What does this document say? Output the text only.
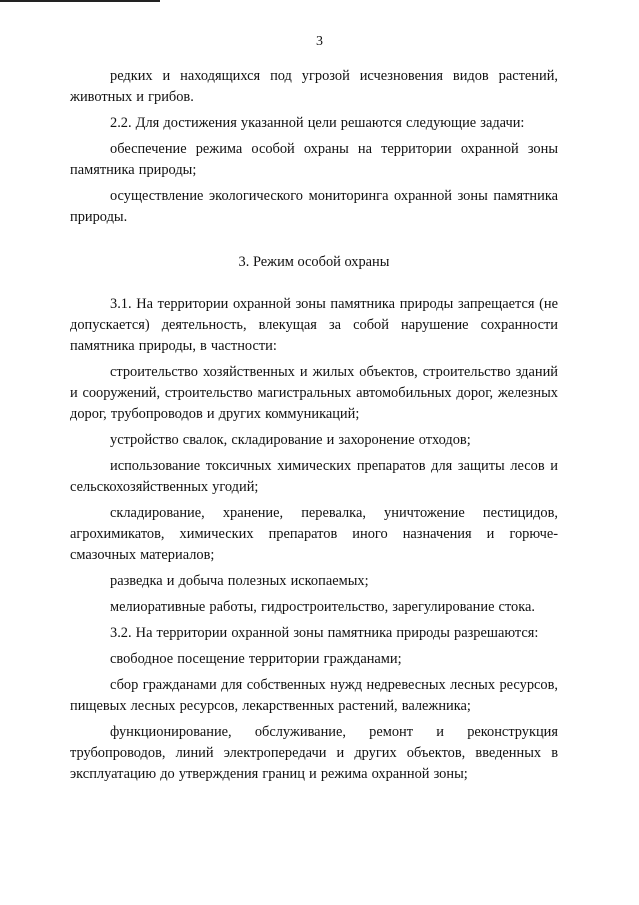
3

редких и находящихся под угрозой исчезновения видов растений, животных и грибов.

2.2. Для достижения указанной цели решаются следующие задачи:

обеспечение режима особой охраны на территории охранной зоны памятника природы;

осуществление экологического мониторинга охранной зоны памятника природы.

3. Режим особой охраны

3.1. На территории охранной зоны памятника природы запрещается (не допускается) деятельность, влекущая за собой нарушение сохранности памятника природы, в частности:

строительство хозяйственных и жилых объектов, строительство зданий и сооружений, строительство магистральных автомобильных дорог, железных дорог, трубопроводов и других коммуникаций;

устройство свалок, складирование и захоронение отходов;

использование токсичных химических препаратов для защиты лесов и сельскохозяйственных угодий;

складирование, хранение, перевалка, уничтожение пестицидов, агрохимикатов, химических препаратов иного назначения и горюче-смазочных материалов;

разведка и добыча полезных ископаемых;

мелиоративные работы, гидростроительство, зарегулирование стока.

3.2. На территории охранной зоны памятника природы разрешаются:

свободное посещение территории гражданами;

сбор гражданами для собственных нужд недревесных лесных ресурсов, пищевых лесных ресурсов, лекарственных растений, валежника;

функционирование, обслуживание, ремонт и реконструкция трубопроводов, линий электропередачи и других объектов, введенных в эксплуатацию до утверждения границ и режима охранной зоны;
